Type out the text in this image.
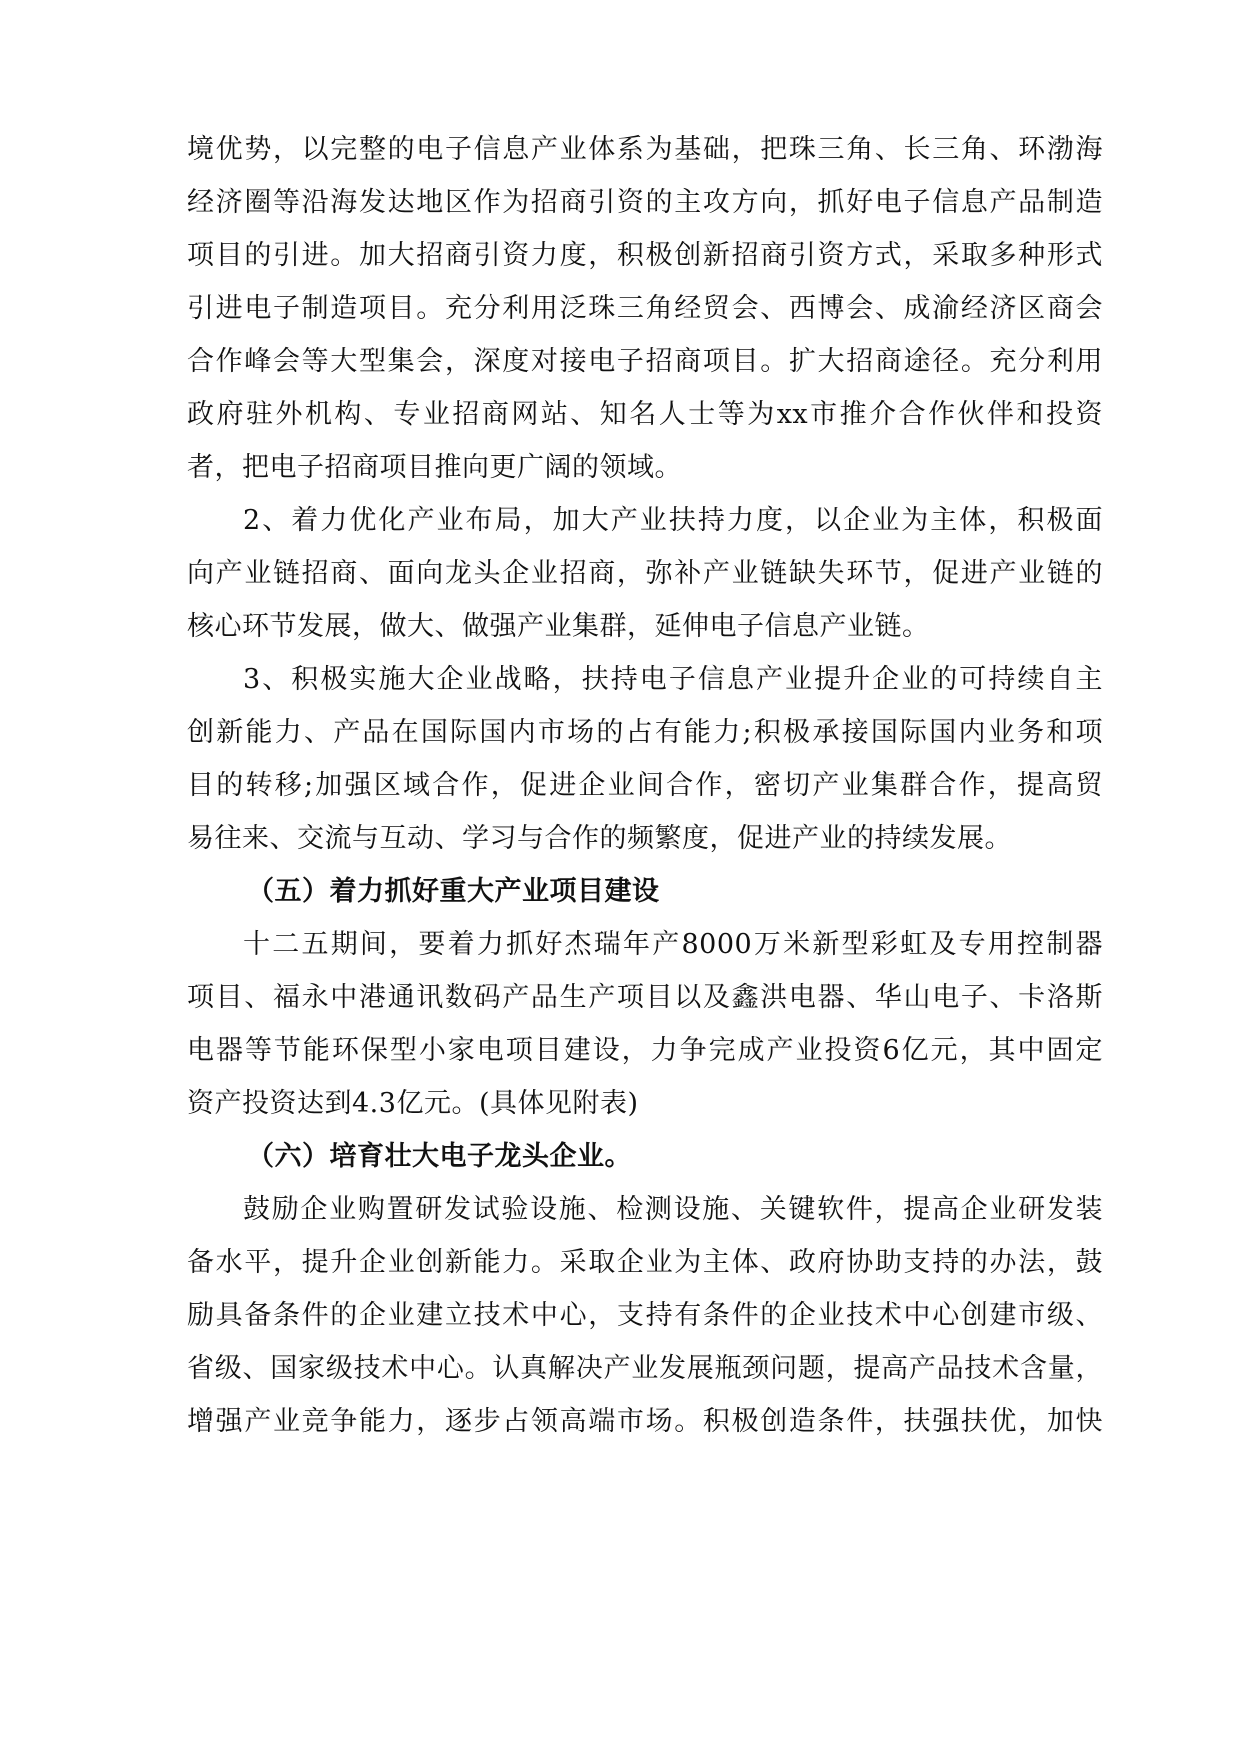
境优势，以完整的电子信息产业体系为基础，把珠三角、长三角、环渤海
经济圈等沿海发达地区作为招商引资的主攻方向，抓好电子信息产品制造
项目的引进。加大招商引资力度，积极创新招商引资方式，采取多种形式
引进电子制造项目。充分利用泛珠三角经贸会、西博会、成渝经济区商会
合作峰会等大型集会，深度对接电子招商项目。扩大招商途径。充分利用
政府驻外机构、专业招商网站、知名人士等为xx市推介合作伙伴和投资
者，把电子招商项目推向更广阔的领域。
2、着力优化产业布局，加大产业扶持力度，以企业为主体，积极面
向产业链招商、面向龙头企业招商，弥补产业链缺失环节，促进产业链的
核心环节发展，做大、做强产业集群，延伸电子信息产业链。
3、积极实施大企业战略，扶持电子信息产业提升企业的可持续自主
创新能力、产品在国际国内市场的占有能力;积极承接国际国内业务和项
目的转移;加强区域合作，促进企业间合作，密切产业集群合作，提高贸
易往来、交流与互动、学习与合作的频繁度，促进产业的持续发展。
（五）着力抓好重大产业项目建设
十二五期间，要着力抓好杰瑞年产8000万米新型彩虹及专用控制器
项目、福永中港通讯数码产品生产项目以及鑫洪电器、华山电子、卡洛斯
电器等节能环保型小家电项目建设，力争完成产业投资6亿元，其中固定
资产投资达到4.3亿元。(具体见附表)
（六）培育壮大电子龙头企业。
鼓励企业购置研发试验设施、检测设施、关键软件，提高企业研发装
备水平，提升企业创新能力。采取企业为主体、政府协助支持的办法，鼓
励具备条件的企业建立技术中心，支持有条件的企业技术中心创建市级、
省级、国家级技术中心。认真解决产业发展瓶颈问题，提高产品技术含量，
增强产业竞争能力，逐步占领高端市场。积极创造条件，扶强扶优，加快
